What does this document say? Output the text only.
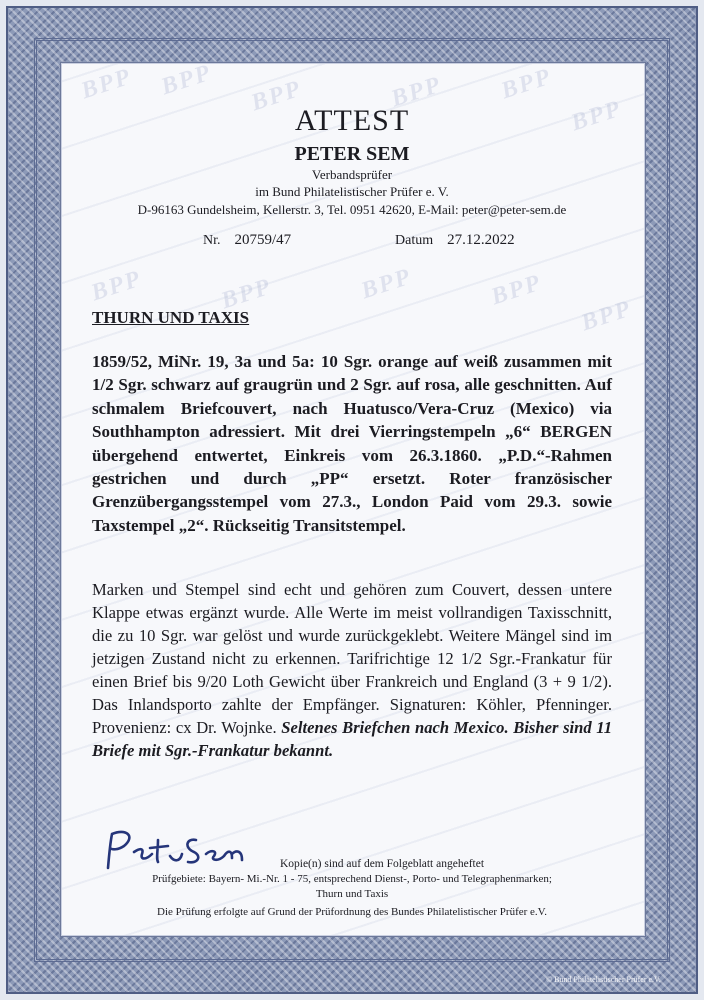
BPP BPP BPP	BPP BPP
BPP
BPP	BPP	BPP	BPP
BPP
ATTEST
PETER SEM
Verbandsprüfer
im Bund Philatelistischer Prüfer e. V.
D-96163 Gundelsheim, Kellerstr. 3, Tel. 0951 42620, E-Mail: peter@peter-sem.de
Nr. 20759/47	Datum 27.12.2022
THURN UND TAXIS

1859/52, MiNr. 19, 3a und 5a: 10 Sgr. orange auf weiß zusammen mit 1/2 Sgr. schwarz auf graugrün und 2 Sgr. auf rosa, alle geschnitten. Auf schmalem Briefcouvert, nach Huatusco/Vera-Cruz (Mexico) via Southhampton adressiert. Mit drei Vierringstempeln „6“ BERGEN übergehend entwertet, Einkreis vom 26.3.1860. „P.D.“-Rahmen gestrichen und durch „PP“ ersetzt. Roter französischer Grenzübergangsstempel vom 27.3., London Paid vom 29.3. sowie Taxstempel „2“. Rückseitig Transitstempel.

Marken und Stempel sind echt und gehören zum Couvert, dessen untere Klappe etwas ergänzt wurde. Alle Werte im meist vollrandigen Taxisschnitt, die zu 10 Sgr. war gelöst und wurde zurückgeklebt. Weitere Mängel sind im jetzigen Zustand nicht zu erkennen. Tarifrichtige 12 1/2 Sgr.-Frankatur für einen Brief bis 9/20 Loth Gewicht über Frankreich und England (3 + 9 1/2). Das Inlandsporto zahlte der Empfänger. Signaturen: Köhler, Pfenninger. Provenienz: cx Dr. Wojnke. Seltenes Briefchen nach Mexico. Bisher sind 11 Briefe mit Sgr.-Frankatur bekannt.

Kopie(n) sind auf dem Folgeblatt angeheftet
Prüfgebiete: Bayern- Mi.-Nr. 1 - 75, entsprechend Dienst-, Porto- und Telegraphenmarken;
Thurn und Taxis
Die Prüfung erfolgte auf Grund der Prüfordnung des Bundes Philatelistischer Prüfer e.V.
© Bund Philatelistischer Prüfer e.V.
